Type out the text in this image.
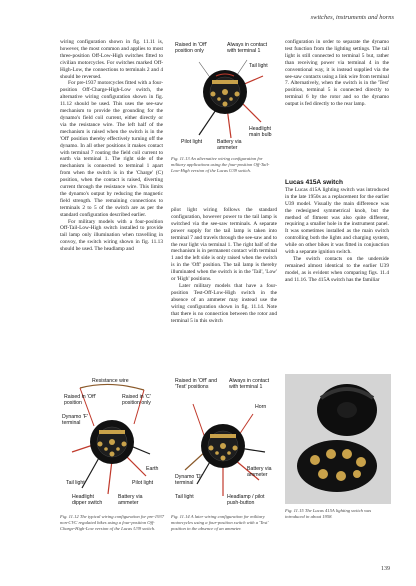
switches, instruments and horns

wiring configuration shown in fig. 11.11 is, however, the most common and applies to most three-position Off-Low-High switches fitted to civilian motorcycles. For switches marked Off-High-Low, the connections to terminals 2 and 4 should be reversed.

For pre-1937 motorcycles fitted with a four-position Off-Charge-High-Low switch, the alternative wiring configuration shown in fig. 11.12 should be used. This uses the see-saw mechanism to provide the grounding for the dynamo's field coil current, either directly or via the resistance wire. The left half of the mechanism is raised when the switch is in the 'Off' position thereby effectively turning off the dynamo. In all other positions it makes contact with terminal 7 routing the field coil current to earth via terminal 1. The right side of the mechanism is connected to terminal 1 apart from when the switch is in the 'Charge' (C) position, when the contact is raised, diverting current through the resistance wire. This limits the dynamo's output by reducing the magnetic field strength. The remaining connections to terminals 2 to 5 of the switch are as per the standard configuration described earlier.

For military models with a four-position Off-Tail-Low-High switch installed to provide tail lamp only illumination when travelling in convoy, the switch wiring shown in fig. 11.13 should be used. The headlamp and

Raised in 'Off'
position only
Always in contact
with terminal 1
Tail light
Headlight
main bulb
Pilot light	Battery via
ammeter
Fig. 11.13 An alternative wiring configuration for military applications using the four-position Off-Tail-Low-High version of the Lucas U39 switch.

pilot light wiring follows the standard configuration, however power to the tail lamp is switched via the see-saw terminals. A separate power supply for the tail lamp is taken into terminal 7 and travels through the see-saw and to the rear light via terminal 1. The right half of the mechanism is in permanent contact with terminal 1 and the left side is only raised when the switch is in the 'Off' position. The tail lamp is thereby illuminated when the switch is in the 'Tail', 'Low' or 'High' positions.

Later military models that have a four-position Test-Off-Low-High switch in the absence of an ammeter may instead use the wiring configuration shown in fig. 11.14. Note that there is no connection between the rotor and terminal 5 in this switch

configuration in order to separate the dynamo test function from the lighting settings. The tail light is still connected to terminal 5 but, rather than receiving power via terminal 4 in the conventional way, it is instead supplied via the see-saw contacts using a link wire from terminal 7. Alternatively, when the switch is in the 'Test' position, terminal 5 is connected directly to terminal 6 by the rotor and so the dynamo output is fed directly to the rear lamp.

Lucas 415A switch

The Lucas 415A lighting switch was introduced in the late 1950s as a replacement for the earlier U39 model. Visually the main difference was the redesigned symmetrical knob, but the method of fitment was also quite different, requiring a smaller hole in the instrument panel. It was sometimes installed as the main switch controlling both the lights and charging system, while on other bikes it was fitted in conjunction with a separate ignition switch.

The switch contacts on the underside remained almost identical to the earlier U39 model, as is evident when comparing figs. 11.4 and 11.16. The 415A switch has the familiar

Resistance wire
Raised in 'Off'
position
Raised in 'C'
position only
Dynamo 'F'
terminal
Earth
Tail light	Pilot light
Headlight
dipper switch
Battery via
ammeter
Fig. 11.12 The typical wiring configuration for pre-1937 non-CVC regulated bikes using a four-position Off-Charge-High-Low version of the Lucas U39 switch.
Raised in 'Off' and
'Test' positions
Always in contact
with terminal 1
Horn
Battery via
ammeter
Dynamo 'D'
terminal
Tail light	Headlamp / pilot
push-button
Fig. 11.14 A later wiring configuration for military motorcycles using a four-position switch with a 'Test' position in the absence of an ammeter.
Fig. 11.15 The Lucas 415A lighting switch was introduced in about 1958.
139
